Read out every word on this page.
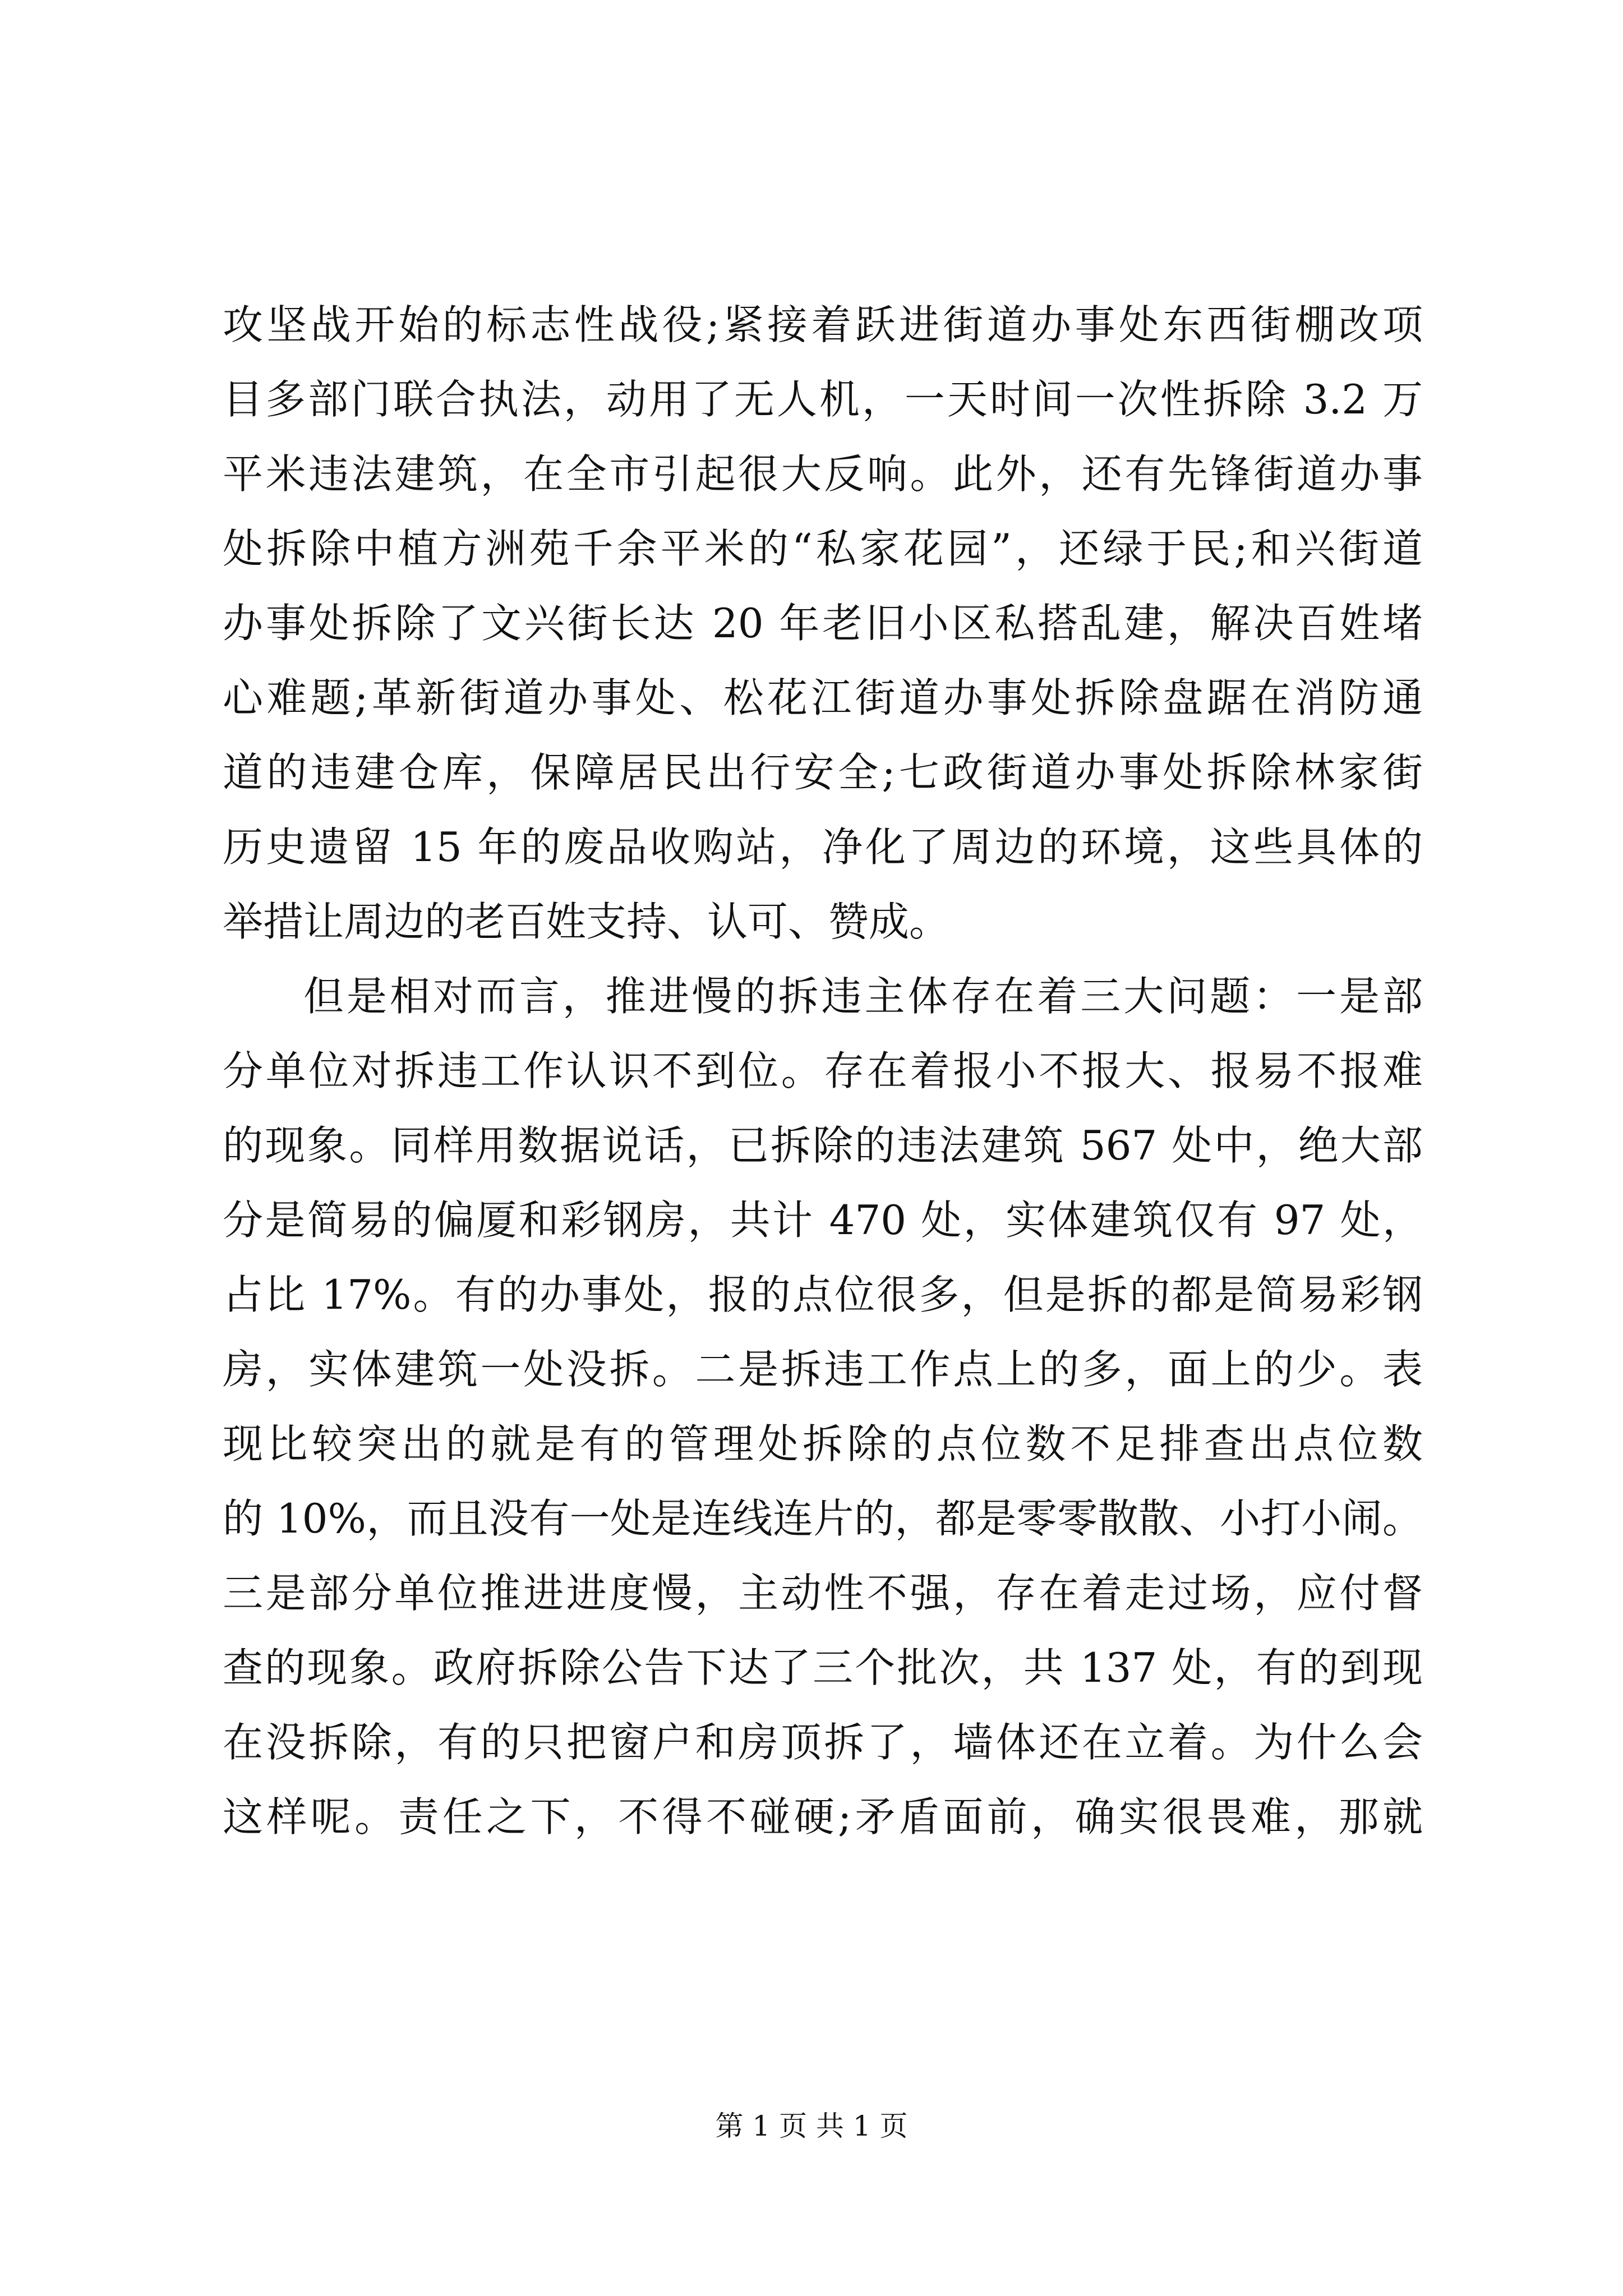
攻坚战开始的标志性战役;紧接着跃进街道办事处东西街棚改项
目多部门联合执法，动用了无人机，一天时间一次性拆除 3.2 万
平米违法建筑，在全市引起很大反响。此外，还有先锋街道办事
处拆除中植方洲苑千余平米的“私家花园”，还绿于民;和兴街道
办事处拆除了文兴街长达 20 年老旧小区私搭乱建，解决百姓堵
心难题;革新街道办事处、松花江街道办事处拆除盘踞在消防通
道的违建仓库，保障居民出行安全;七政街道办事处拆除林家街
历史遗留 15 年的废品收购站，净化了周边的环境，这些具体的
举措让周边的老百姓支持、认可、赞成。
但是相对而言，推进慢的拆违主体存在着三大问题：一是部
分单位对拆违工作认识不到位。存在着报小不报大、报易不报难
的现象。同样用数据说话，已拆除的违法建筑 567 处中，绝大部
分是简易的偏厦和彩钢房，共计 470 处，实体建筑仅有 97 处，
占比 17%。有的办事处，报的点位很多，但是拆的都是简易彩钢
房，实体建筑一处没拆。二是拆违工作点上的多，面上的少。表
现比较突出的就是有的管理处拆除的点位数不足排查出点位数
的 10%，而且没有一处是连线连片的，都是零零散散、小打小闹。
三是部分单位推进进度慢，主动性不强，存在着走过场，应付督
查的现象。政府拆除公告下达了三个批次，共 137 处，有的到现
在没拆除，有的只把窗户和房顶拆了，墙体还在立着。为什么会
这样呢。责任之下，不得不碰硬;矛盾面前，确实很畏难，那就
第 1 页 共 1 页
